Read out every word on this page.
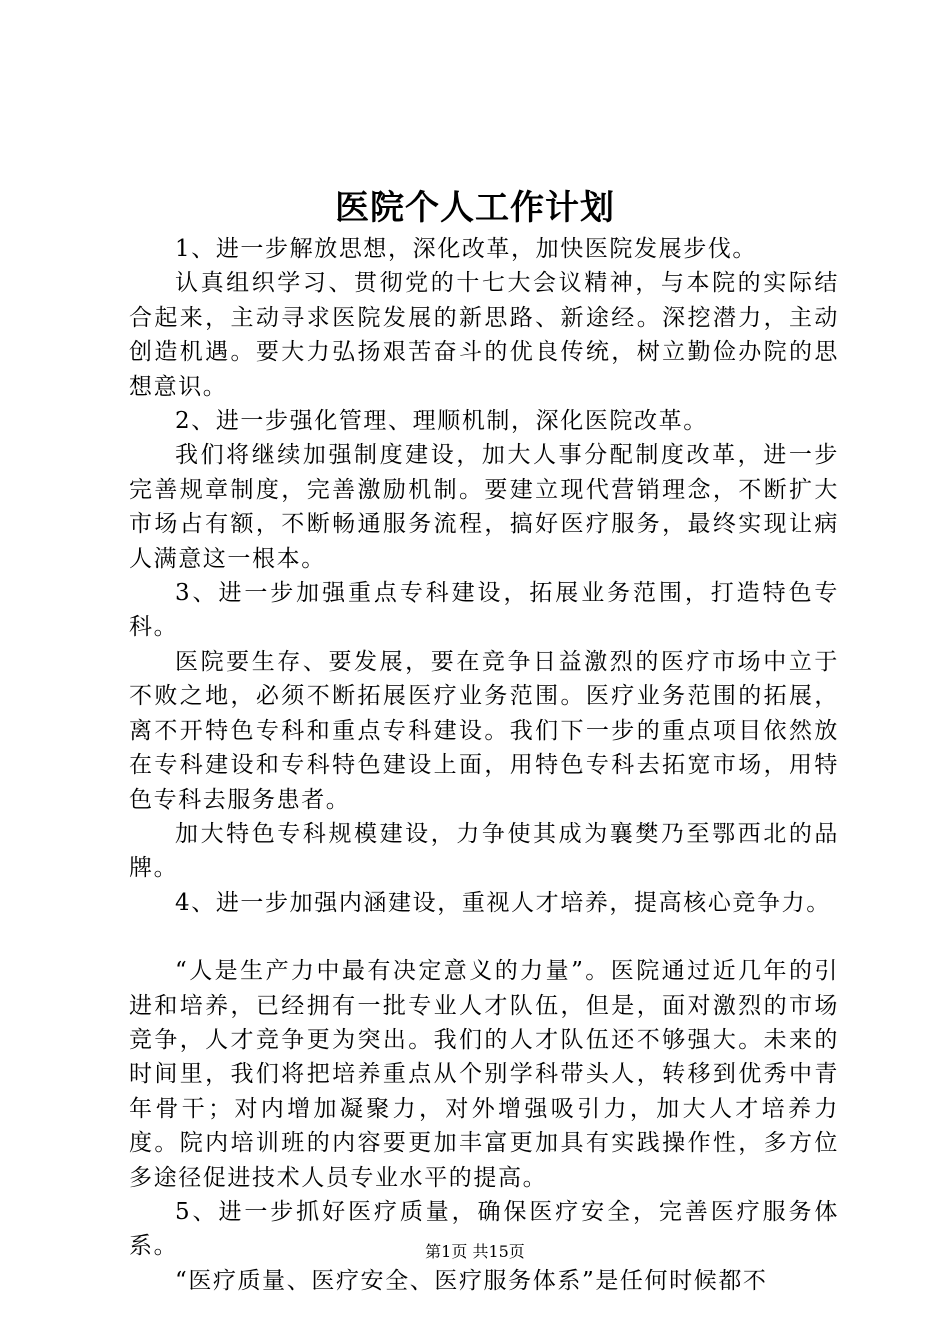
医院个人工作计划

1、进一步解放思想，深化改革，加快医院发展步伐。

认真组织学习、贯彻党的十七大会议精神，与本院的实际结合起来，主动寻求医院发展的新思路、新途经。深挖潜力，主动创造机遇。要大力弘扬艰苦奋斗的优良传统，树立勤俭办院的思想意识。

2、进一步强化管理、理顺机制，深化医院改革。

我们将继续加强制度建设，加大人事分配制度改革，进一步完善规章制度，完善激励机制。要建立现代营销理念，不断扩大市场占有额，不断畅通服务流程，搞好医疗服务，最终实现让病人满意这一根本。

3、进一步加强重点专科建设，拓展业务范围，打造特色专科。

医院要生存、要发展，要在竞争日益激烈的医疗市场中立于不败之地，必须不断拓展医疗业务范围。医疗业务范围的拓展，离不开特色专科和重点专科建设。我们下一步的重点项目依然放在专科建设和专科特色建设上面，用特色专科去拓宽市场，用特色专科去服务患者。

加大特色专科规模建设，力争使其成为襄樊乃至鄂西北的品牌。

4、进一步加强内涵建设，重视人才培养，提高核心竞争力。

“人是生产力中最有决定意义的力量”。医院通过近几年的引进和培养，已经拥有一批专业人才队伍，但是，面对激烈的市场竞争，人才竞争更为突出。我们的人才队伍还不够强大。未来的时间里，我们将把培养重点从个别学科带头人，转移到优秀中青年骨干；对内增加凝聚力，对外增强吸引力，加大人才培养力度。院内培训班的内容要更加丰富更加具有实践操作性，多方位多途径促进技术人员专业水平的提高。

5、进一步抓好医疗质量，确保医疗安全，完善医疗服务体系。

“医疗质量、医疗安全、医疗服务体系”是任何时候都不

第1页 共15页
